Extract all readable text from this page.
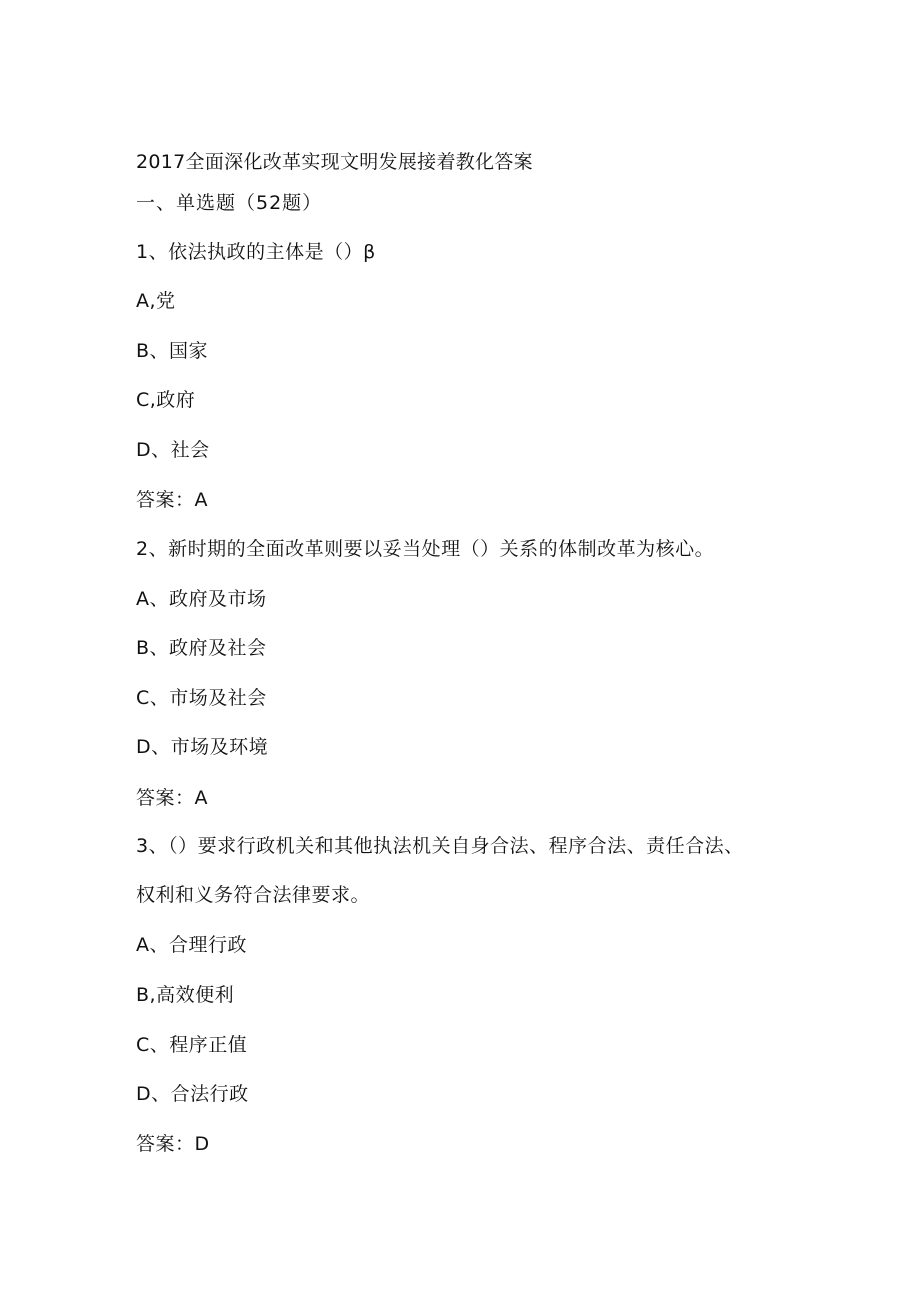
2017全面深化改革实现文明发展接着教化答案
一、单选题（52题）
1、依法执政的主体是（）β
A,党
B、国家
C,政府
D、社会
答案：A
2、新时期的全面改革则要以妥当处理（）关系的体制改革为核心。
A、政府及市场
B、政府及社会
C、市场及社会
D、市场及环境
答案：A
3、（）要求行政机关和其他执法机关自身合法、程序合法、责任合法、
权利和义务符合法律要求。
A、合理行政
B,高效便利
C、程序正值
D、合法行政
答案：D
